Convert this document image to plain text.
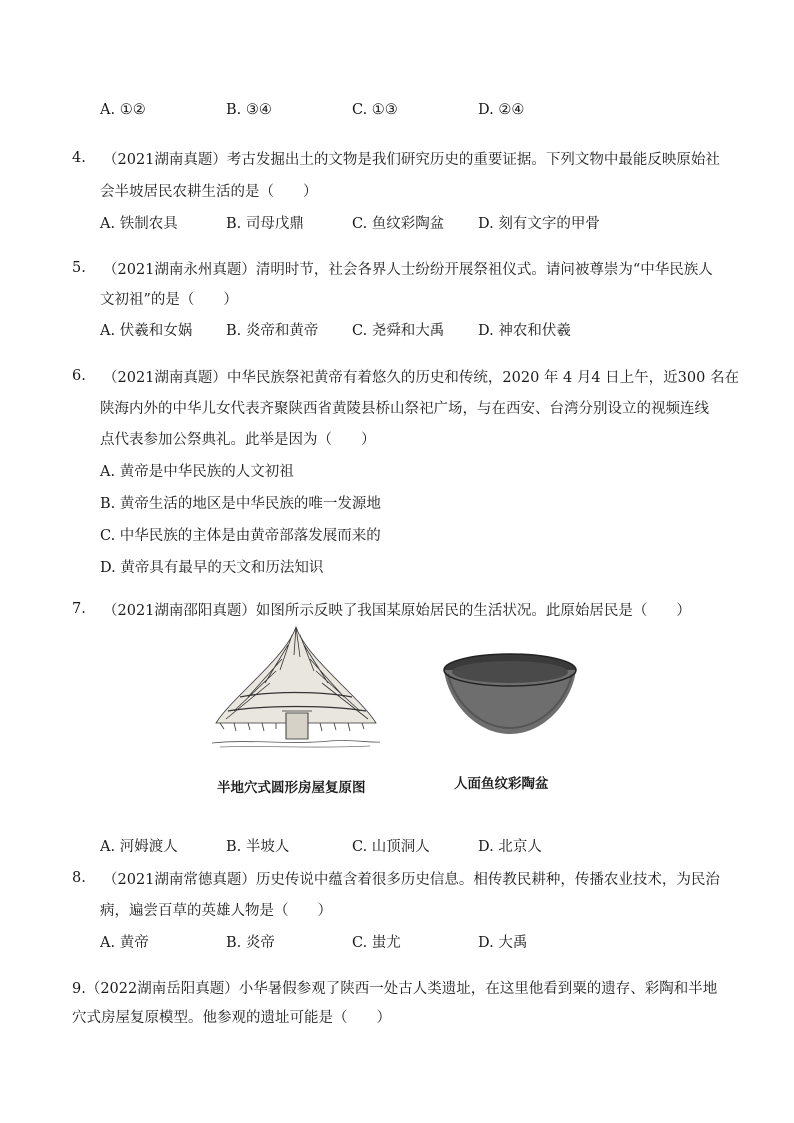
A. ①②	B. ③④	C. ①③	D. ②④
4. （2021湖南真题）考古发掘出土的文物是我们研究历史的重要证据。下列文物中最能反映原始社
会半坡居民农耕生活的是（　　）
A. 铁制农具	B. 司母戊鼎	C. 鱼纹彩陶盆 D. 刻有文字的甲骨
5. （2021湖南永州真题）清明时节，社会各界人士纷纷开展祭祖仪式。请问被尊崇为“中华民族人
文初祖”的是（　　）
A. 伏羲和女娲 B. 炎帝和黄帝 C. 尧舜和大禹 D. 神农和伏羲
6. （2021湖南真题）中华民族祭祀黄帝有着悠久的历史和传统，2020 年 4 月4 日上午，近300 名在
陕海内外的中华儿女代表齐聚陕西省黄陵县桥山祭祀广场，与在西安、台湾分别设立的视频连线
点代表参加公祭典礼。此举是因为（　　）
A. 黄帝是中华民族的人文初祖
B. 黄帝生活的地区是中华民族的唯一发源地
C. 中华民族的主体是由黄帝部落发展而来的
D. 黄帝具有最早的天文和历法知识
7. （2021湖南邵阳真题）如图所示反映了我国某原始居民的生活状况。此原始居民是（　　）
半地穴式圆形房屋复原图	人面鱼纹彩陶盆
A. 河姆渡人	B. 半坡人	C. 山顶洞人	D. 北京人
8. （2021湖南常德真题）历史传说中蕴含着很多历史信息。相传教民耕种，传播农业技术，为民治
病，遍尝百草的英雄人物是（　　）
A. 黄帝	B. 炎帝	C. 蚩尤	D. 大禹
9.（2022湖南岳阳真题）小华暑假参观了陕西一处古人类遗址，在这里他看到粟的遗存、彩陶和半地
穴式房屋复原模型。他参观的遗址可能是（　　）
